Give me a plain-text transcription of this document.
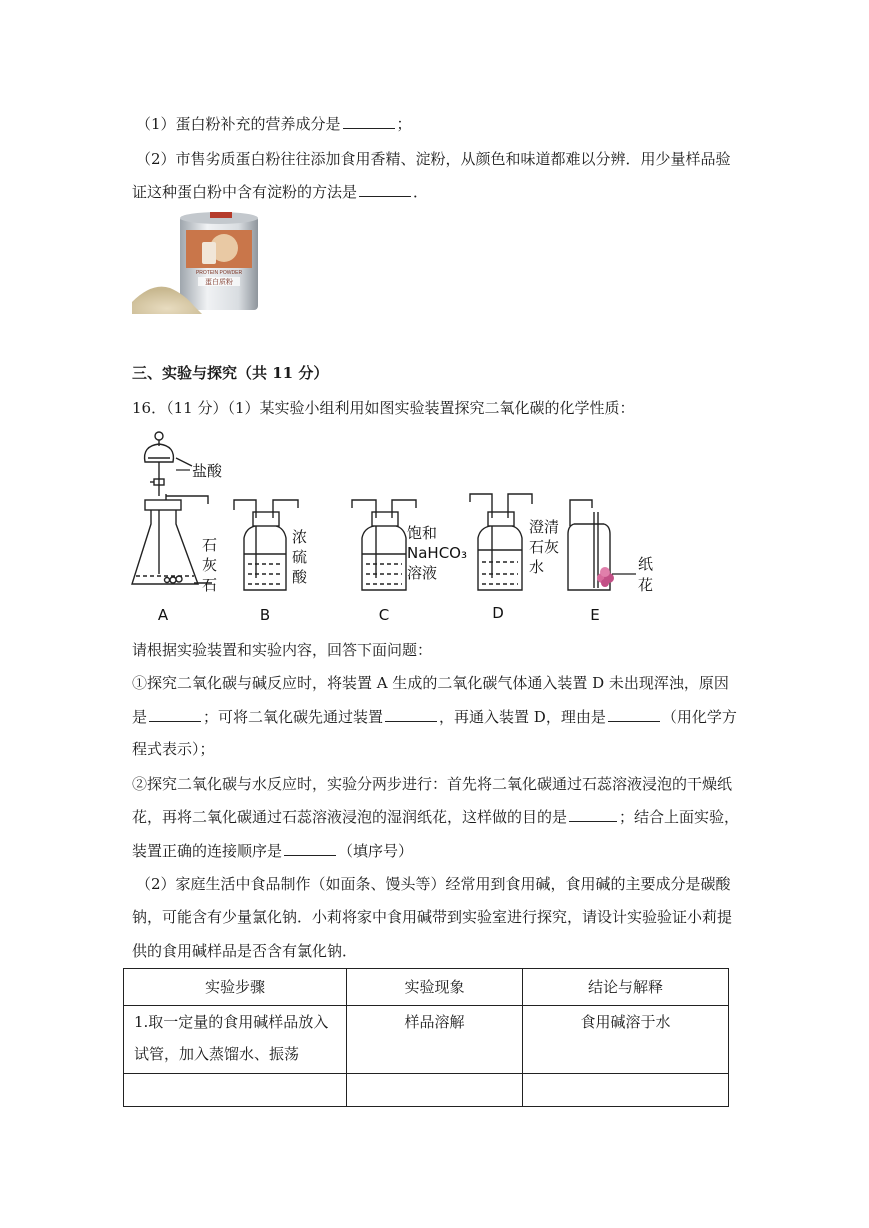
（1）蛋白粉补充的营养成分是	；
（2）市售劣质蛋白粉往往添加食用香精、淀粉，从颜色和味道都难以分辨．用少量样品验
证这种蛋白粉中含有淀粉的方法是	．
PROTEIN POWDER
蛋白质粉
三、实验与探究（共 11 分）
16．（11 分）（1）某实验小组利用如图实验装置探究二氧化碳的化学性质：
盐酸
石
灰
石
浓
硫
酸
饱和
NaHCO₃
溶液
澄清
石灰
水	纸
花
A	B	C	D	E
请根据实验装置和实验内容，回答下面问题：
①探究二氧化碳与碱反应时，将装置 A 生成的二氧化碳气体通入装置 D 未出现浑浊，原因
是	；可将二氧化碳先通过装置	，再通入装置 D，理由是	（用化学方
程式表示）；
②探究二氧化碳与水反应时，实验分两步进行：首先将二氧化碳通过石蕊溶液浸泡的干燥纸
花，再将二氧化碳通过石蕊溶液浸泡的湿润纸花，这样做的目的是	；结合上面实验，
装置正确的连接顺序是	（填序号）
（2）家庭生活中食品制作（如面条、馒头等）经常用到食用碱，食用碱的主要成分是碳酸
钠，可能含有少量氯化钠．小莉将家中食用碱带到实验室进行探究，请设计实验验证小莉提
供的食用碱样品是否含有氯化钠．
实验步骤	实验现象	结论与解释

1.取一定量的食用碱样品放入
试管，加入蒸馏水、振荡	样品溶解	食用碱溶于水
